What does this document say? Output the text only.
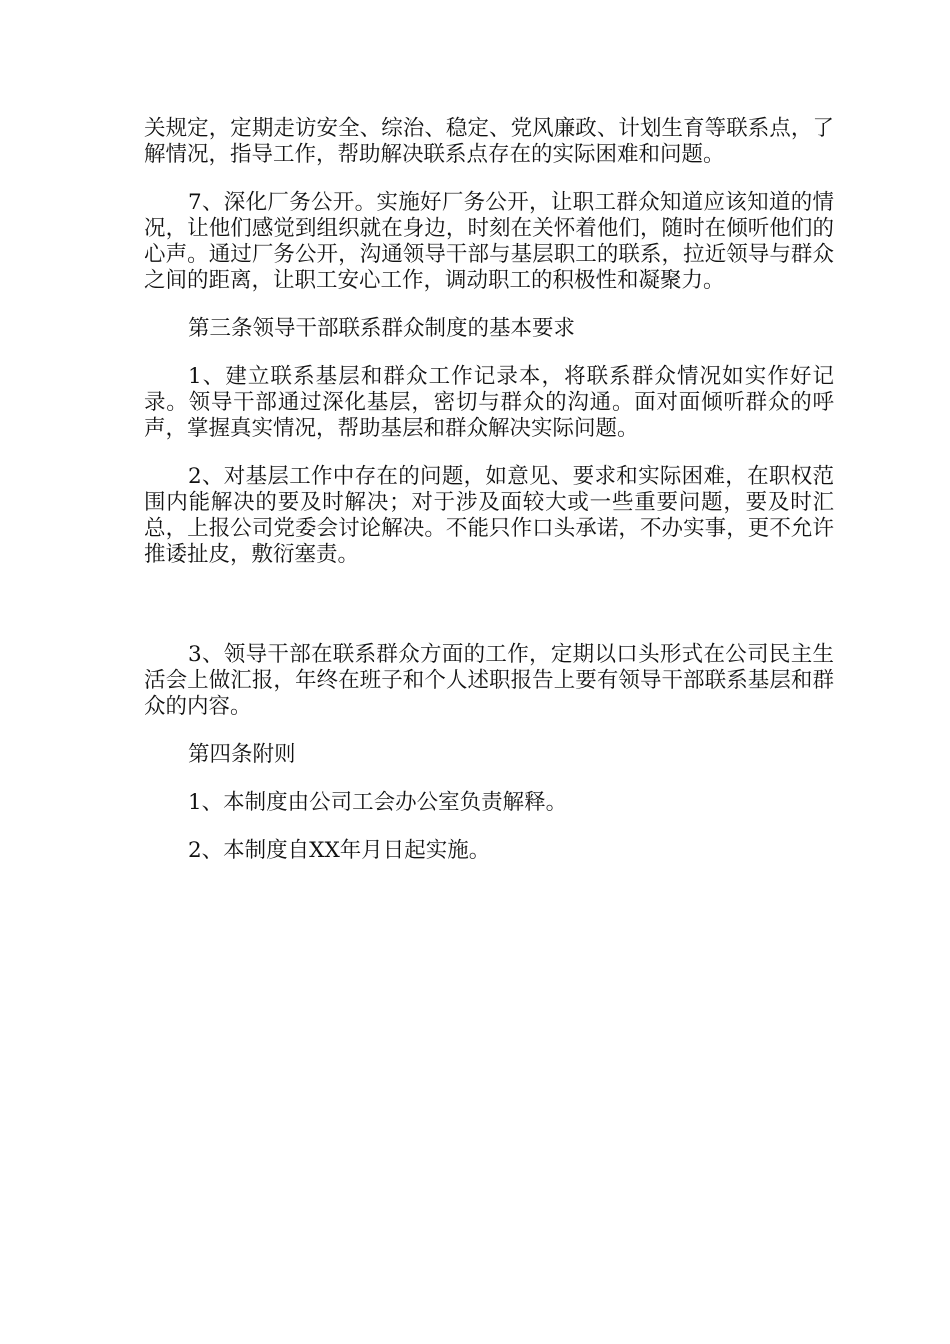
关规定，定期走访安全、综治、稳定、党风廉政、计划生育等联系点，了解情况，指导工作，帮助解决联系点存在的实际困难和问题。

7、深化厂务公开。实施好厂务公开，让职工群众知道应该知道的情况，让他们感觉到组织就在身边，时刻在关怀着他们，随时在倾听他们的心声。通过厂务公开，沟通领导干部与基层职工的联系，拉近领导与群众之间的距离，让职工安心工作，调动职工的积极性和凝聚力。

第三条领导干部联系群众制度的基本要求

1、建立联系基层和群众工作记录本，将联系群众情况如实作好记录。领导干部通过深化基层，密切与群众的沟通。面对面倾听群众的呼声，掌握真实情况，帮助基层和群众解决实际问题。

2、对基层工作中存在的问题，如意见、要求和实际困难，在职权范围内能解决的要及时解决；对于涉及面较大或一些重要问题，要及时汇总，上报公司党委会讨论解决。不能只作口头承诺，不办实事，更不允许推诿扯皮，敷衍塞责。

3、领导干部在联系群众方面的工作，定期以口头形式在公司民主生活会上做汇报，年终在班子和个人述职报告上要有领导干部联系基层和群众的内容。

第四条附则

1、本制度由公司工会办公室负责解释。

2、本制度自XX年月日起实施。
